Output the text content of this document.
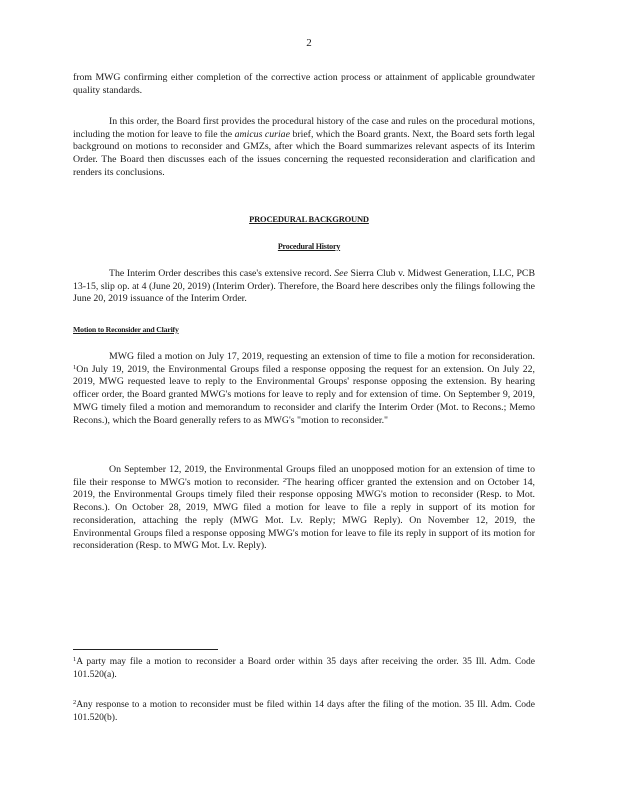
2

from MWG confirming either completion of the corrective action process or attainment of applicable groundwater quality standards.

In this order, the Board first provides the procedural history of the case and rules on the procedural motions, including the motion for leave to file the amicus curiae brief, which the Board grants. Next, the Board sets forth legal background on motions to reconsider and GMZs, after which the Board summarizes relevant aspects of its Interim Order. The Board then discusses each of the issues concerning the requested reconsideration and clarification and renders its conclusions.

PROCEDURAL BACKGROUND

Procedural History

The Interim Order describes this case's extensive record. See Sierra Club v. Midwest Generation, LLC, PCB 13-15, slip op. at 4 (June 20, 2019) (Interim Order). Therefore, the Board here describes only the filings following the June 20, 2019 issuance of the Interim Order.

Motion to Reconsider and Clarify

MWG filed a motion on July 17, 2019, requesting an extension of time to file a motion for reconsideration. $^1$On July 19, 2019, the Environmental Groups filed a response opposing the request for an extension. On July 22, 2019, MWG requested leave to reply to the Environmental Groups' response opposing the extension. By hearing officer order, the Board granted MWG's motions for leave to reply and for extension of time. On September 9, 2019, MWG timely filed a motion and memorandum to reconsider and clarify the Interim Order (Mot. to Recons.; Memo Recons.), which the Board generally refers to as MWG's "motion to reconsider."

On September 12, 2019, the Environmental Groups filed an unopposed motion for an extension of time to file their response to MWG's motion to reconsider. $^2$The hearing officer granted the extension and on October 14, 2019, the Environmental Groups timely filed their response opposing MWG's motion to reconsider (Resp. to Mot. Recons.). On October 28, 2019, MWG filed a motion for leave to file a reply in support of its motion for reconsideration, attaching the reply (MWG Mot. Lv. Reply; MWG Reply). On November 12, 2019, the Environmental Groups filed a response opposing MWG's motion for leave to file its reply in support of its motion for reconsideration (Resp. to MWG Mot. Lv. Reply).

$^1$A party may file a motion to reconsider a Board order within 35 days after receiving the order. 35 Ill. Adm. Code 101.520(a).

$^2$Any response to a motion to reconsider must be filed within 14 days after the filing of the motion. 35 Ill. Adm. Code 101.520(b).
